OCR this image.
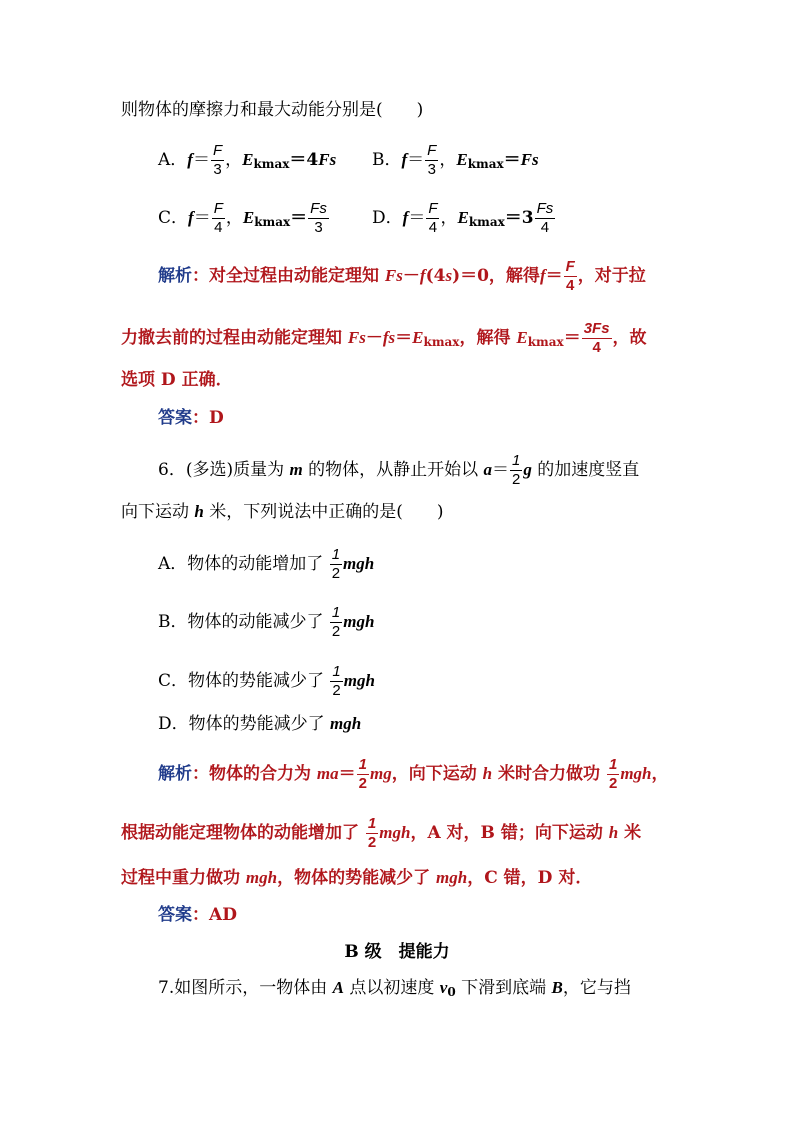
则物体的摩擦力和最大动能分别是(　　)
A．$f= \frac{F}{3}$ ，$E_{kmax}=4Fs$ B．$f= \frac{F}{3}$ ，$E_{kmax}=Fs$
C．$f= \frac{F}{4}$ ，$E_{kmax}= \frac{Fs}{3}$	D．$f= \frac{F}{4}$ ，$E_{kmax}=3 \frac{Fs}{4}$
解析：对全过程由动能定理知 Fs－f(4s)＝0，解得$f= \frac{F}{4}$ ，对于拉
力撤去前的过程由动能定理知 $Fs-fs=E_{kmax}$，解得 $E_{kmax}= \frac{3Fs}{4}$ ，故
选项 D 正确．
答案：D
6．(多选)质量为 m 的物体，从静止开始以 $a= \frac{1}{2}$ g 的加速度竖直
向下运动 h 米，下列说法中正确的是(　　)
A．物体的动能增加了 $\frac{1}{2}$ mgh
B．物体的动能减少了 $\frac{1}{2}$ mgh
C．物体的势能减少了 $\frac{1}{2}$ mgh
D．物体的势能减少了 mgh
解析：物体的合力为 $ma= \frac{1}{2}$ mg，向下运动 h 米时合力做功 $\frac{1}{2}$ mgh，
根据动能定理物体的动能增加了 $\frac{1}{2}$ mgh，A 对，B 错；向下运动 h 米
过程中重力做功 mgh，物体的势能减少了 mgh，C 错，D 对．
答案：AD
B 级　提能力
7.如图所示，一物体由 A 点以初速度 $v_0$ 下滑到底端 B，它与挡
